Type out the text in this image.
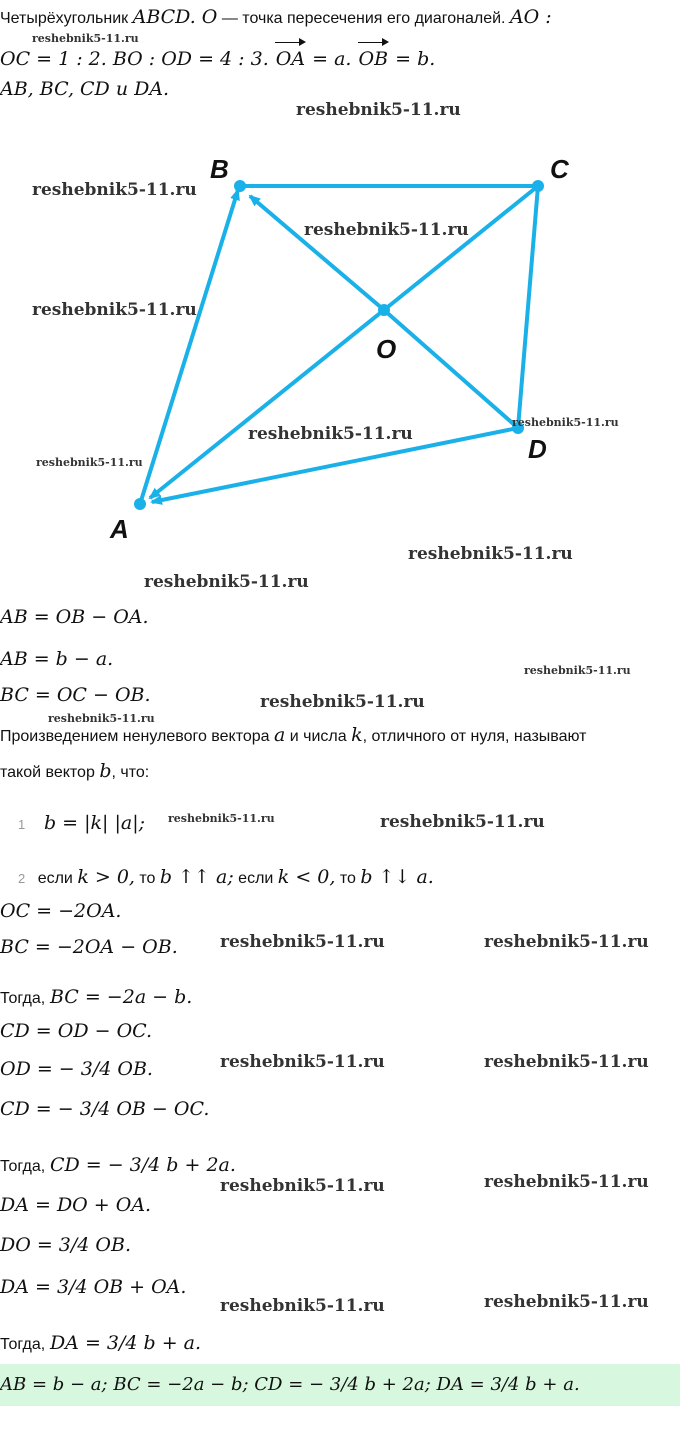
Четырёхугольник ABCD. O — точка пересечения его диагоналей. AO :
OC = 1 : 2. BO : OD = 4 : 3. OA = a. OB = b.
AB, BC, CD и DA.
B	C
D
A
O
AB = OB − OA.
AB = b − a.
BC = OC − OB.
Произведением ненулевого вектора a и числа k, отличного от нуля, называют
такой вектор b, что:
1 b = |k| |a|;
2 если k > 0, то b ↑↑ a; если k < 0, то b ↑↓ a.
OC = −2OA.
BC = −2OA − OB.
Тогда, BC = −2a − b.
CD = OD − OC.
OD = − 3/4 OB.
CD = − 3/4 OB − OC.
Тогда, CD = − 3/4 b + 2a.
DA = DO + OA.
DO = 3/4 OB.
DA = 3/4 OB + OA.
Тогда, DA = 3/4 b + a.
AB = b − a; BC = −2a − b; CD = − 3/4 b + 2a; DA = 3/4 b + a.
reshebnik5-11.ru
reshebnik5-11.ru
reshebnik5-11.ru
reshebnik5-11.ru
reshebnik5-11.ru
reshebnik5-11.ru
reshebnik5-11.ru
reshebnik5-11.ru
reshebnik5-11.ru
reshebnik5-11.ru
reshebnik5-11.ru
reshebnik5-11.ru
reshebnik5-11.ru
reshebnik5-11.ru	reshebnik5-11.ru
reshebnik5-11.ru	reshebnik5-11.ru
reshebnik5-11.ru	reshebnik5-11.ru
reshebnik5-11.ru	reshebnik5-11.ru
reshebnik5-11.ru	reshebnik5-11.ru
